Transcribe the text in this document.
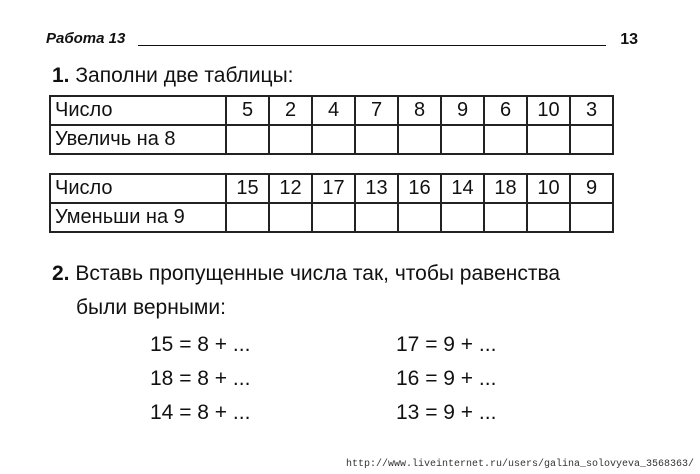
Работа 13	13
1. Заполни две таблицы:
Число	5	2	4	7	8	9	6	10	3
Увеличь на 8									
Число	15	12	17	13	16	14	18	10	9
Уменьши на 9									
2. Вставь пропущенные числа так, чтобы равенства
были верными:
15 = 8 + ...
18 = 8 + ...
14 = 8 + ...
17 = 9 + ...
16 = 9 + ...
13 = 9 + ...
http://www.liveinternet.ru/users/galina_solovyeva_3568363/
